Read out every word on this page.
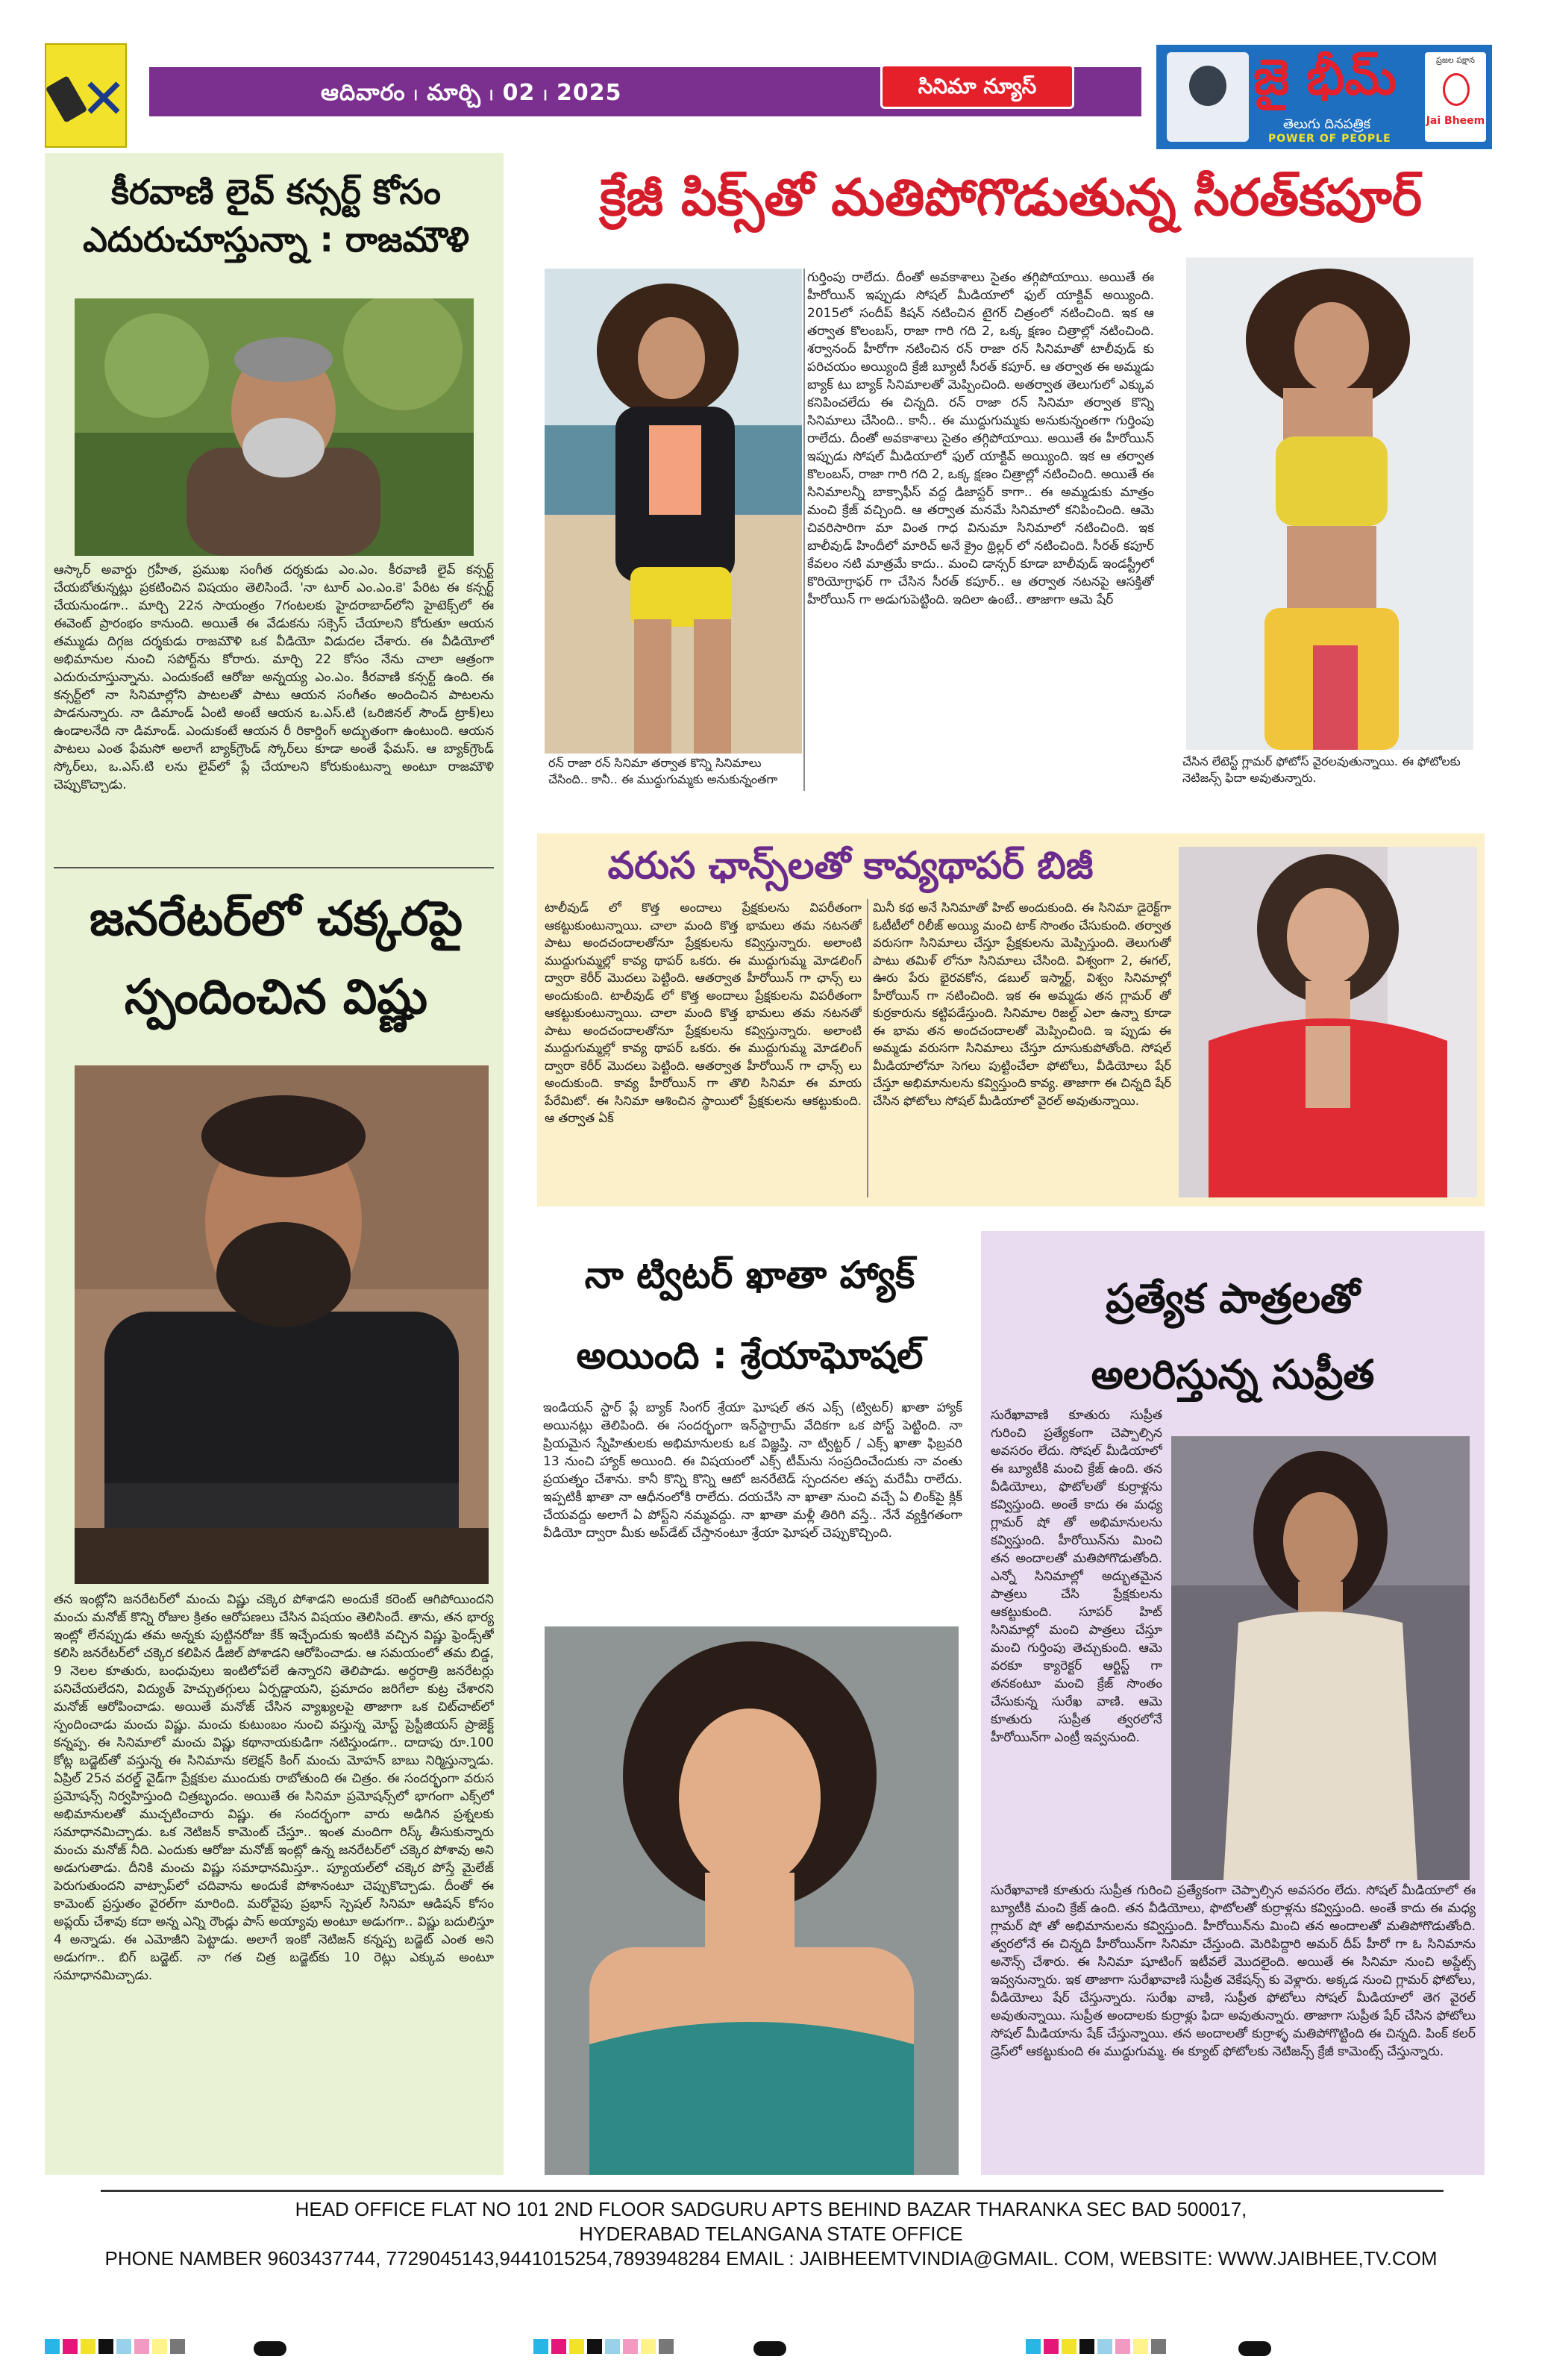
✕	ఆదివారం ၊ మార్చి ၊ 02 ၊ 2025	సినిమా న్యూస్	జై భీమ్
తెలుగు దినపత్రిక
POWER OF PEOPLE
ప్రజల పక్షాన
Jai Bheem
కీరవాణి లైవ్ కన్సర్ట్ కోసం
ఎదురుచూస్తున్నా : రాజమౌళి
ఆస్కార్ అవార్డు గ్రహీత, ప్రముఖ సంగీత దర్శకుడు ఎం.ఎం. కీరవాణి లైవ్ కన్సర్ట్ చేయబోతున్నట్లు ప్రకటించిన విషయం తెలిసిందే. 'నా టూర్ ఎం.ఎం.కె' పేరిట ఈ కన్సర్ట్ చేయనుండగా.. మార్చి 22న సాయంత్రం 7గంటలకు హైదరాబాద్‌లోని హైటెక్స్‌లో ఈ ఈవెంట్ ప్రారంభం కానుంది. అయితే ఈ వేడుకను సక్సెస్ చేయాలని కోరుతూ ఆయన తమ్ముడు దిగ్గజ దర్శకుడు రాజమౌళి ఒక వీడియో విడుదల చేశారు. ఈ వీడియోలో అభిమానుల నుంచి సపోర్ట్‌ను కోరారు. మార్చి 22 కోసం నేను చాలా ఆత్రంగా ఎదురుచూస్తున్నాను. ఎందుకంటే ఆరోజు అన్నయ్య ఎం.ఎం. కీరవాణి కన్సర్ట్ ఉంది. ఈ కన్సర్ట్‌లో నా సినిమాల్లోని పాటలతో పాటు ఆయన సంగీతం అందించిన పాటలను పాడనున్నారు. నా డిమాండ్ ఏంటి అంటే ఆయన ఒ.ఎస్.టి (ఒరిజినల్ సౌండ్ ట్రాక్)లు ఉండాలనేది నా డిమాండ్. ఎందుకంటే ఆయన రీ రికార్డింగ్ అద్భుతంగా ఉంటుంది. ఆయన పాటలు ఎంత ఫేమసో అలాగే బ్యాక్‌గ్రౌండ్ స్కోర్‌లు కూడా అంతే ఫేమస్. ఆ బ్యాక్‌గ్రౌండ్ స్కోర్‌లు, ఒ.ఎస్.టి లను లైవ్‌లో ప్లే చేయాలని కోరుకుంటున్నా అంటూ రాజమౌళి చెప్పుకొచ్చాడు.
జనరేటర్‌లో చక్కరపై
స్పందించిన విష్ణు
తన ఇంట్లోని జనరేటర్‌లో మంచు విష్ణు చక్కెర పోశాడని అందుకే కరెంట్ ఆగిపోయిందని మంచు మనోజ్ కొన్ని రోజుల క్రితం ఆరోపణలు చేసిన విషయం తెలిసిందే. తాను, తన భార్య ఇంట్లో లేనప్పుడు తమ అన్నకు పుట్టినరోజు కేక్ ఇచ్చేందుకు ఇంటికి వచ్చిన విష్ణు ఫ్రెండ్స్‌తో కలిసి జనరేటర్‌లో చక్కెర కలిపిన డీజిల్ పోశాడని ఆరోపించాడు. ఆ సమయంలో తమ బిడ్డ, 9 నెలల కూతురు, బంధువులు ఇంటిలోపలే ఉన్నారని తెలిపాడు. అర్ధరాత్రి జనరేటర్లు పనిచేయలేదని, విద్యుత్ హెచ్చుతగ్గులు ఏర్పడ్డాయని, ప్రమాదం జరిగేలా కుట్ర చేశారని మనోజ్ ఆరోపించాడు. అయితే మనోజ్ చేసిన వ్యాఖ్యలపై తాజాగా ఒక చిట్‌చాట్‌లో స్పందించాడు మంచు విష్ణు. మంచు కుటుంబం నుంచి వస్తున్న మోస్ట్ ప్రెస్టీజియస్ ప్రాజెక్ట్ కన్నప్ప. ఈ సినిమాలో మంచు విష్ణు కథానాయకుడిగా నటిస్తుండగా.. దాదాపు రూ.100 కోట్ల బడ్జెట్‌తో వస్తున్న ఈ సినిమాను కలెక్షన్ కింగ్ మంచు మోహన్ బాబు నిర్మిస్తున్నాడు. ఏప్రిల్ 25న వరల్డ్ వైడ్‌గా ప్రేక్షకుల ముందుకు రాబోతుంది ఈ చిత్రం. ఈ సందర్భంగా వరుస ప్రమోషన్స్ నిర్వహిస్తుంది చిత్రబృందం. అయితే ఈ సినిమా ప్రమోషన్స్‌లో భాగంగా ఎక్స్‌లో అభిమానులతో ముచ్చటించారు విష్ణు. ఈ సందర్భంగా వారు అడిగిన ప్రశ్నలకు సమాధానమిచ్చాడు. ఒక నెటిజన్ కామెంట్ చేస్తూ.. ఇంత మందిగా రిస్క్ తీసుకున్నారు మంచు మనోజ్ నీది. ఎందుకు ఆరోజు మనోజ్ ఇంట్లో ఉన్న జనరేటర్‌లో చక్కెర పోశావు అని అడుగుతాడు. దీనికి మంచు విష్ణు సమాధానమిస్తూ.. ప్యూయల్‌లో చక్కెర పోస్తే మైలేజ్ పెరుగుతుందని వాట్సాప్‌లో చదివాను అందుకే పోశానంటూ చెప్పుకొచ్చాడు. దీంతో ఈ కామెంట్ ప్రస్తుతం వైరల్‌గా మారింది. మరోవైపు ప్రభాస్ స్పెషల్ సినిమా ఆడిషన్ కోసం అప్లయ్ చేశావు కదా అన్న ఎన్ని రౌండ్లు పాస్ అయ్యావు అంటూ అడుగగా.. విష్ణు బదులిస్తూ 4 అన్నాడు. ఈ ఎమోజీని పెట్టాడు. అలాగే ఇంకో నెటిజన్ కన్నప్ప బడ్జెట్ ఎంత అని అడుగగా.. బిగ్ బడ్జెట్. నా గత చిత్ర బడ్జెట్‌కు 10 రెట్లు ఎక్కువ అంటూ సమాధానమిచ్చాడు.
క్రేజీ పిక్స్‌తో మతిపోగొడుతున్న సీరత్‌కపూర్
గుర్తింపు రాలేదు. దీంతో అవకాశాలు సైతం తగ్గిపోయాయి. అయితే ఈ హీరోయిన్ ఇప్పుడు సోషల్ మీడియాలో ఫుల్ యాక్టివ్ అయ్యింది. 2015లో సందీప్ కిషన్ నటించిన టైగర్ చిత్రంలో నటించింది. ఇక ఆ తర్వాత కొలంబస్, రాజా గారి గది 2, ఒక్క క్షణం చిత్రాల్లో నటించింది. శర్వానంద్ హీరోగా నటించిన రన్ రాజా రన్ సినిమాతో టాలీవుడ్ కు పరిచయం అయ్యింది క్రేజీ బ్యూటీ సీరత్ కపూర్. ఆ తర్వాత ఈ అమ్మడు బ్యాక్ టు బ్యాక్ సినిమాలతో మెప్పించింది. అతర్వాత తెలుగులో ఎక్కువ కనిపించలేదు ఈ చిన్నది. రన్ రాజా రన్ సినిమా తర్వాత కొన్ని సినిమాలు చేసింది.. కానీ.. ఈ ముద్దుగుమ్మకు అనుకున్నంతగా గుర్తింపు రాలేదు. దీంతో అవకాశాలు సైతం తగ్గిపోయాయి. అయితే ఈ హీరోయిన్ ఇప్పుడు సోషల్ మీడియాలో ఫుల్ యాక్టివ్ అయ్యింది. ఇక ఆ తర్వాత కొలంబస్, రాజా గారి గది 2, ఒక్క క్షణం చిత్రాల్లో నటించింది. అయితే ఈ సినిమాలన్నీ బాక్సాఫీస్ వద్ద డిజాస్టర్ కాగా.. ఈ అమ్మడుకు మాత్రం మంచి క్రేజ్ వచ్చింది. ఆ తర్వాత మనమే సినిమాలో కనిపించింది. ఆమె చివరిసారిగా మా వింత గాధ వినుమా సినిమాలో నటించింది. ఇక బాలీవుడ్ హిందీలో మారిచ్ అనే క్రైం థ్రిల్లర్ లో నటించింది. సీరత్ కపూర్ కేవలం నటి మాత్రమే కాదు.. మంచి డాన్సర్ కూడా బాలీవుడ్ ఇండస్ట్రీలో కొరియోగ్రాఫర్ గా చేసిన సీరత్ కపూర్.. ఆ తర్వాత నటనపై ఆసక్తితో హీరోయిన్ గా అడుగుపెట్టింది. ఇదిలా ఉంటే.. తాజాగా ఆమె షేర్
రన్ రాజా రన్ సినిమా తర్వాత కొన్ని సినిమాలు చేసింది.. కానీ.. ఈ ముద్దుగుమ్మకు అనుకున్నంతగా
చేసిన లేటెస్ట్ గ్లామర్ ఫోటోస్ వైరలవుతున్నాయి. ఈ ఫోటోలకు నెటిజన్స్ ఫిదా అవుతున్నారు.
వరుస ఛాన్స్‌లతో కావ్యథాపర్ బిజీ
టాలీవుడ్ లో కొత్త అందాలు ప్రేక్షకులను విపరీతంగా ఆకట్టుకుంటున్నాయి. చాలా మంది కొత్త భామలు తమ నటనతో పాటు అందచందాలతోనూ ప్రేక్షకులను కవ్విస్తున్నారు. అలాంటి ముద్దుగుమ్మల్లో కావ్య థాపర్ ఒకరు. ఈ ముద్దుగుమ్మ మోడలింగ్ ద్వారా కెరీర్ మొదలు పెట్టింది. ఆతర్వాత హీరోయిన్ గా ఛాన్స్ లు అందుకుంది. టాలీవుడ్ లో కొత్త అందాలు ప్రేక్షకులను విపరీతంగా ఆకట్టుకుంటున్నాయి. చాలా మంది కొత్త భామలు తమ నటనతో పాటు అందచందాలతోనూ ప్రేక్షకులను కవ్విస్తున్నారు. అలాంటి ముద్దుగుమ్మల్లో కావ్య థాపర్ ఒకరు. ఈ ముద్దుగుమ్మ మోడలింగ్ ద్వారా కెరీర్ మొదలు పెట్టింది. ఆతర్వాత హీరోయిన్ గా ఛాన్స్ లు అందుకుంది. కావ్య హీరోయిన్ గా తొలి సినిమా ఈ మాయ పేరేమిటో. ఈ సినిమా ఆశించిన స్థాయిలో ప్రేక్షకులను ఆకట్టుకుంది. ఆ తర్వాత ఏక్
మినీ కథ అనే సినిమాతో హిట్ అందుకుంది. ఈ సినిమా డైరెక్ట్‌గా ఓటీటీలో రిలీజ్ అయ్యి మంచి టాక్ సొంతం చేసుకుంది. తర్వాత వరుసగా సినిమాలు చేస్తూ ప్రేక్షకులను మెప్పిస్తుంది. తెలుగుతో పాటు తమిళ్ లోనూ సినిమాలు చేసింది. విశ్వంగా 2, ఈగల్, ఊరు పేరు భైరవకోన, డబుల్ ఇస్మార్ట్, విశ్వం సినిమాల్లో హీరోయిన్ గా నటించింది. ఇక ఈ అమ్మడు తన గ్లామర్ తో కుర్రకారును కట్టిపడేస్తుంది. సినిమాల రిజల్ట్ ఎలా ఉన్నా కూడా ఈ భామ తన అందచందాలతో మెప్పించింది. ఇ ప్పుడు ఈ అమ్మడు వరుసగా సినిమాలు చేస్తూ దూసుకుపోతోంది. సోషల్ మీడియాలోనూ సెగలు పుట్టించేలా ఫోటోలు, వీడియోలు షేర్ చేస్తూ అభిమానులను కవ్విస్తుంది కావ్య. తాజాగా ఈ చిన్నది షేర్ చేసిన ఫోటోలు సోషల్ మీడియాలో వైరల్ అవుతున్నాయి.
నా ట్విటర్ ఖాతా హ్యాక్
అయింది : శ్రేయాఘోషల్
ఇండియన్ స్టార్ ప్లే బ్యాక్ సింగర్ శ్రేయా ఘోషల్ తన ఎక్స్ (ట్విటర్) ఖాతా హ్యాక్ అయినట్లు తెలిపింది. ఈ సందర్భంగా ఇన్‌స్టాగ్రామ్ వేదికగా ఒక పోస్ట్ పెట్టింది. నా ప్రియమైన స్నేహితులకు అభిమానులకు ఒక విజ్ఞప్తి. నా ట్విట్టర్ / ఎక్స్ ఖాతా ఫిబ్రవరి 13 నుంచి హ్యాక్ అయింది. ఈ విషయంలో ఎక్స్ టీమ్‌ను సంప్రదించేందుకు నా వంతు ప్రయత్నం చేశాను. కానీ కొన్ని కొన్ని ఆటో జనరేటెడ్ స్పందనల తప్ప మరేమీ రాలేదు. ఇప్పటికీ ఖాతా నా ఆధీనంలోకి రాలేదు. దయచేసి నా ఖాతా నుంచి వచ్చే ఏ లింక్‌పై క్లిక్ చేయవద్దు అలాగే ఏ పోస్ట్‌ని నమ్మవద్దు. నా ఖాతా మళ్లీ తిరిగి వస్తే.. నేనే వ్యక్తిగతంగా వీడియో ద్వారా మీకు అప్‌డేట్ చేస్తానంటూ శ్రేయా ఘోషల్ చెప్పుకొచ్చింది.
ప్రత్యేక పాత్రలతో
అలరిస్తున్న సుప్రీత
సురేఖావాణి కూతురు సుప్రీత గురించి ప్రత్యేకంగా చెప్పాల్సిన అవసరం లేదు. సోషల్ మీడియాలో ఈ బ్యూటీకి మంచి క్రేజ్ ఉంది. తన వీడియోలు, ఫొటోలతో కుర్రాళ్లను కవ్విస్తుంది. అంతే కాదు ఈ మధ్య గ్లామర్ షో తో అభిమానులను కవ్విస్తుంది. హీరోయిన్‌ను మించి తన అందాలతో మతిపోగొడుతోంది. ఎన్నో సినిమాల్లో అద్భుతమైన పాత్రలు చేసి ప్రేక్షకులను ఆకట్టుకుంది. సూపర్ హిట్ సినిమాల్లో మంచి పాత్రలు చేస్తూ మంచి గుర్తింపు తెచ్చుకుంది. ఆమె వరకూ క్యారెక్టర్ ఆర్టిస్ట్ గా తనకంటూ మంచి క్రేజ్ సొంతం చేసుకున్న సురేఖ వాణి. ఆమె కూతురు సుప్రీత త్వరలోనే హీరోయిన్‌గా ఎంట్రీ ఇవ్వనుంది.
సురేఖావాణి కూతురు సుప్రీత గురించి ప్రత్యేకంగా చెప్పాల్సిన అవసరం లేదు. సోషల్ మీడియాలో ఈ బ్యూటీకి మంచి క్రేజ్ ఉంది. తన వీడియోలు, ఫొటోలతో కుర్రాళ్లను కవ్విస్తుంది. అంతే కాదు ఈ మధ్య గ్లామర్ షో తో అభిమానులను కవ్విస్తుంది. హీరోయిన్‌ను మించి తన అందాలతో మతిపోగొడుతోంది. త్వరలోనే ఈ చిన్నది హీరోయిన్‌గా సినిమా చేస్తుంది. మెరిపిద్దారి అమర్ దీప్ హీరో గా ఓ సినిమాను అనౌన్స్ చేశారు. ఈ సినిమా షూటింగ్ ఇటీవలే మొదలైంది. అయితే ఈ సినిమా నుంచి అప్డేట్స్ ఇవ్వనున్నారు. ఇక తాజాగా సురేఖావాణి సుప్రీత వెకేషన్స్ కు వెళ్లారు. అక్కడ నుంచి గ్లామర్ ఫోటోలు, వీడియోలు షేర్ చేస్తున్నారు. సురేఖ వాణి, సుప్రీత ఫోటోలు సోషల్ మీడియాలో తెగ వైరల్ అవుతున్నాయి. సుప్రీత అందాలకు కుర్రాళ్లు ఫిదా అవుతున్నారు. తాజాగా సుప్రీత షేర్ చేసిన ఫోటోలు సోషల్ మీడియాను షేక్ చేస్తున్నాయి. తన అందాలతో కుర్రాళ్ళ మతిపోగొట్టింది ఈ చిన్నది. పింక్ కలర్ డ్రెస్‌లో ఆకట్టుకుంది ఈ ముద్దుగుమ్మ. ఈ క్యూట్ ఫోటోలకు నెటిజన్స్ క్రేజీ కామెంట్స్ చేస్తున్నారు.
HEAD OFFICE FLAT NO 101 2ND FLOOR SADGURU APTS BEHIND BAZAR THARANKA SEC BAD 500017,
HYDERABAD TELANGANA STATE OFFICE
PHONE NAMBER 9603437744, 7729045143,9441015254,7893948284 EMAIL : JAIBHEEMTVINDIA@GMAIL. COM, WEBSITE: WWW.JAIBHEE,TV.COM
